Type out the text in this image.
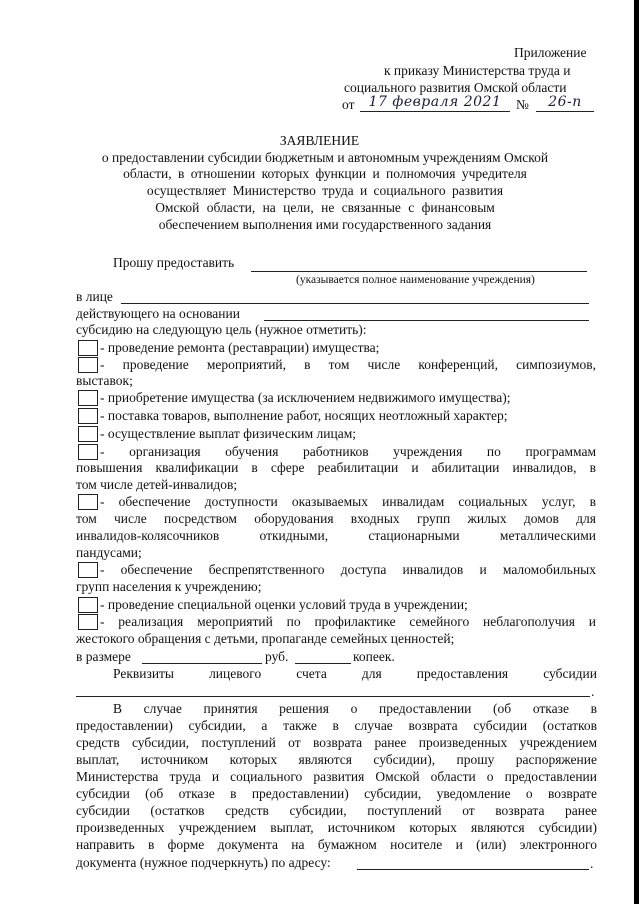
Приложение
к приказу Министерства труда и
социального развития Омской области
от	17 февраля 2021	№	26-п
ЗАЯВЛЕНИЕ
о предоставлении субсидии бюджетным и автономным учреждениям Омской
области, в отношении которых функции и полномочия учредителя
осуществляет Министерство труда и социального развития
Омской области, на цели, не связанные с финансовым
обеспечением выполнения ими государственного задания
Прошу предоставить
(указывается полное наименование учреждения)
в лице
действующего на основании
субсидию на следующую цель (нужное отметить):
- проведение ремонта (реставрации) имущества;
- проведение мероприятий, в том числе конференций, симпозиумов,
выставок;
- приобретение имущества (за исключением недвижимого имущества);
- поставка товаров, выполнение работ, носящих неотложный характер;
- осуществление выплат физическим лицам;
- организация обучения работников учреждения по программам
повышения квалификации в сфере реабилитации и абилитации инвалидов, в
том числе детей-инвалидов;
- обеспечение доступности оказываемых инвалидам социальных услуг, в
том числе посредством оборудования входных групп жилых домов для
инвалидов-колясочников откидными, стационарными металлическими
пандусами;
- обеспечение беспрепятственного доступа инвалидов и маломобильных
групп населения к учреждению;
- проведение специальной оценки условий труда в учреждении;
- реализация мероприятий по профилактике семейного неблагополучия и
жестокого обращения с детьми, пропаганде семейных ценностей;
в размере	руб.	копеек.
Реквизиты лицевого счета для предоставления субсидии
.
В случае принятия решения о предоставлении (об отказе в
предоставлении) субсидии, а также в случае возврата субсидии (остатков
средств субсидии, поступлений от возврата ранее произведенных учреждением
выплат, источником которых являются субсидии), прошу распоряжение
Министерства труда и социального развития Омской области о предоставлении
субсидии (об отказе в предоставлении) субсидии, уведомление о возврате
субсидии (остатков средств субсидии, поступлений от возврата ранее
произведенных учреждением выплат, источником которых являются субсидии)
направить в форме документа на бумажном носителе и (или) электронного
документа (нужное подчеркнуть) по адресу:	.
